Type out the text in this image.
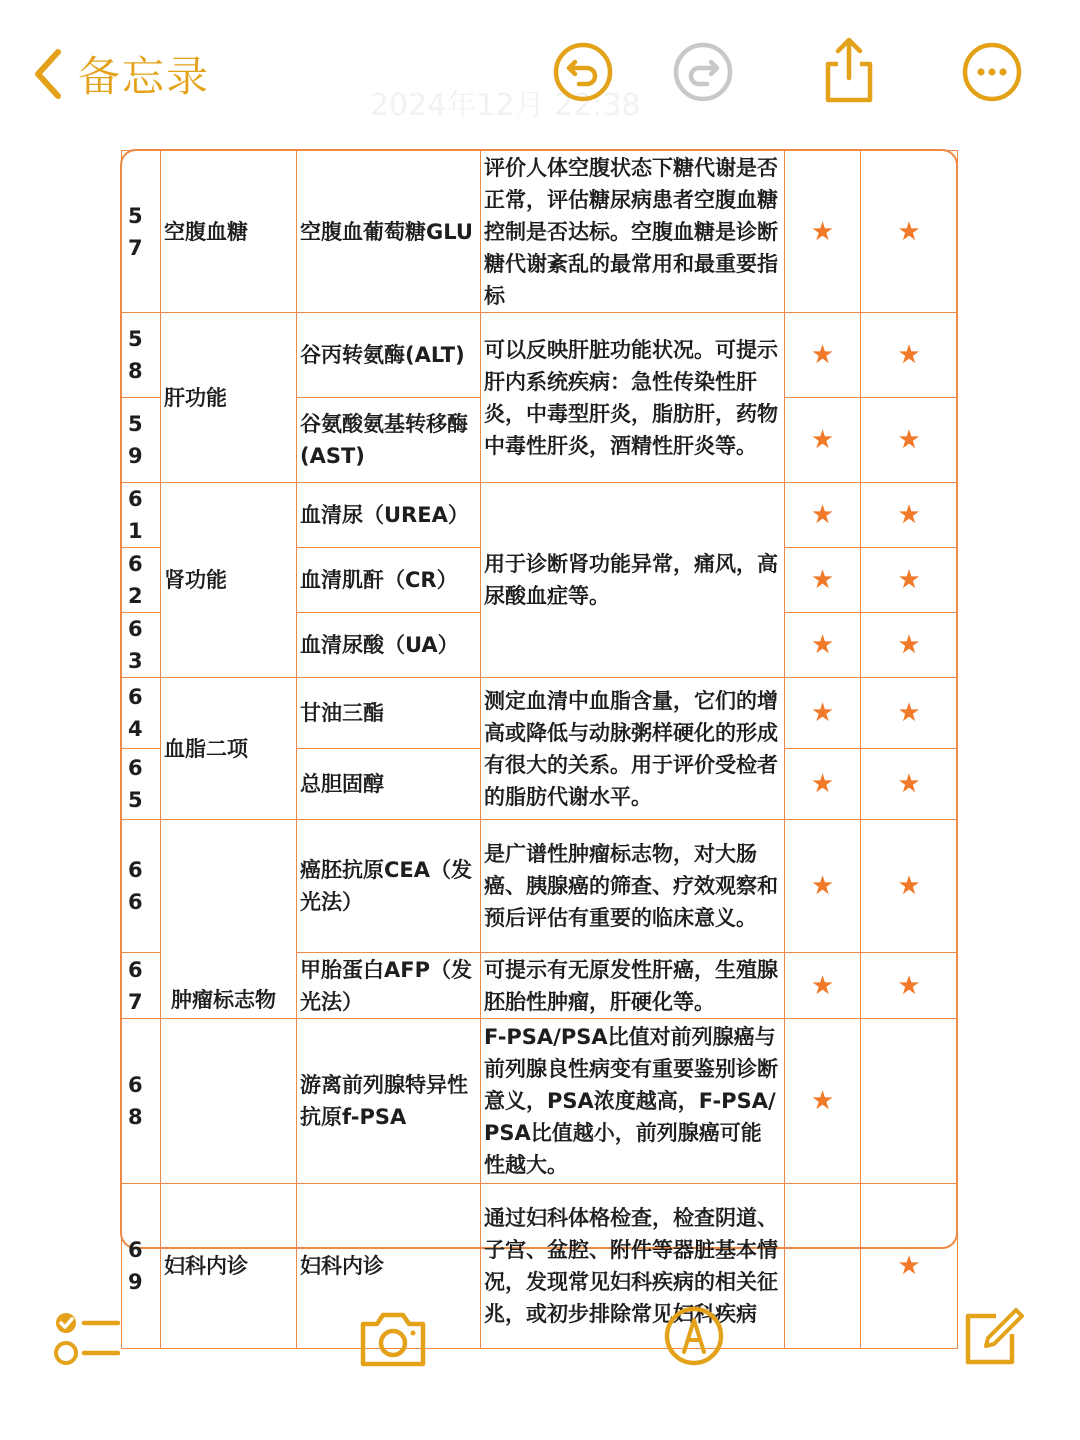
备忘录
2024年12月 22:38
57	空腹血糖	空腹血葡萄糖GLU	评价人体空腹状态下糖代谢是否正常，评估糖尿病患者空腹血糖控制是否达标。空腹血糖是诊断糖代谢紊乱的最常用和最重要指标	★	★
58	肝功能	谷丙转氨酶(ALT)	可以反映肝脏功能状况。可提示肝内系统疾病：急性传染性肝炎，中毒型肝炎，脂肪肝，药物中毒性肝炎，酒精性肝炎等。	★	★
59		谷氨酸氨基转移酶(AST)		★	★
61	肾功能	血清尿（UREA）	用于诊断肾功能异常，痛风，高尿酸血症等。	★	★
62		血清肌酐（CR）		★	★
63		血清尿酸（UA）		★	★
64	血脂二项	甘油三酯	测定血清中血脂含量，它们的增高或降低与动脉粥样硬化的形成有很大的关系。用于评价受检者的脂肪代谢水平。	★	★
65		总胆固醇		★	★
66	肿瘤标志物	癌胚抗原CEA（发光法）	是广谱性肿瘤标志物，对大肠癌、胰腺癌的筛查、疗效观察和预后评估有重要的临床意义。	★	★
67		甲胎蛋白AFP（发光法）	可提示有无原发性肝癌，生殖腺胚胎性肿瘤，肝硬化等。	★	★
68		游离前列腺特异性抗原f-PSA	F-PSA/PSA比值对前列腺癌与前列腺良性病变有重要鉴别诊断意义，PSA浓度越高，F-PSA/PSA比值越小，前列腺癌可能性越大。	★	
69	妇科内诊	妇科内诊	通过妇科体格检查，检查阴道、子宫、盆腔、附件等器脏基本情况，发现常见妇科疾病的相关征兆，或初步排除常见妇科疾病		★
